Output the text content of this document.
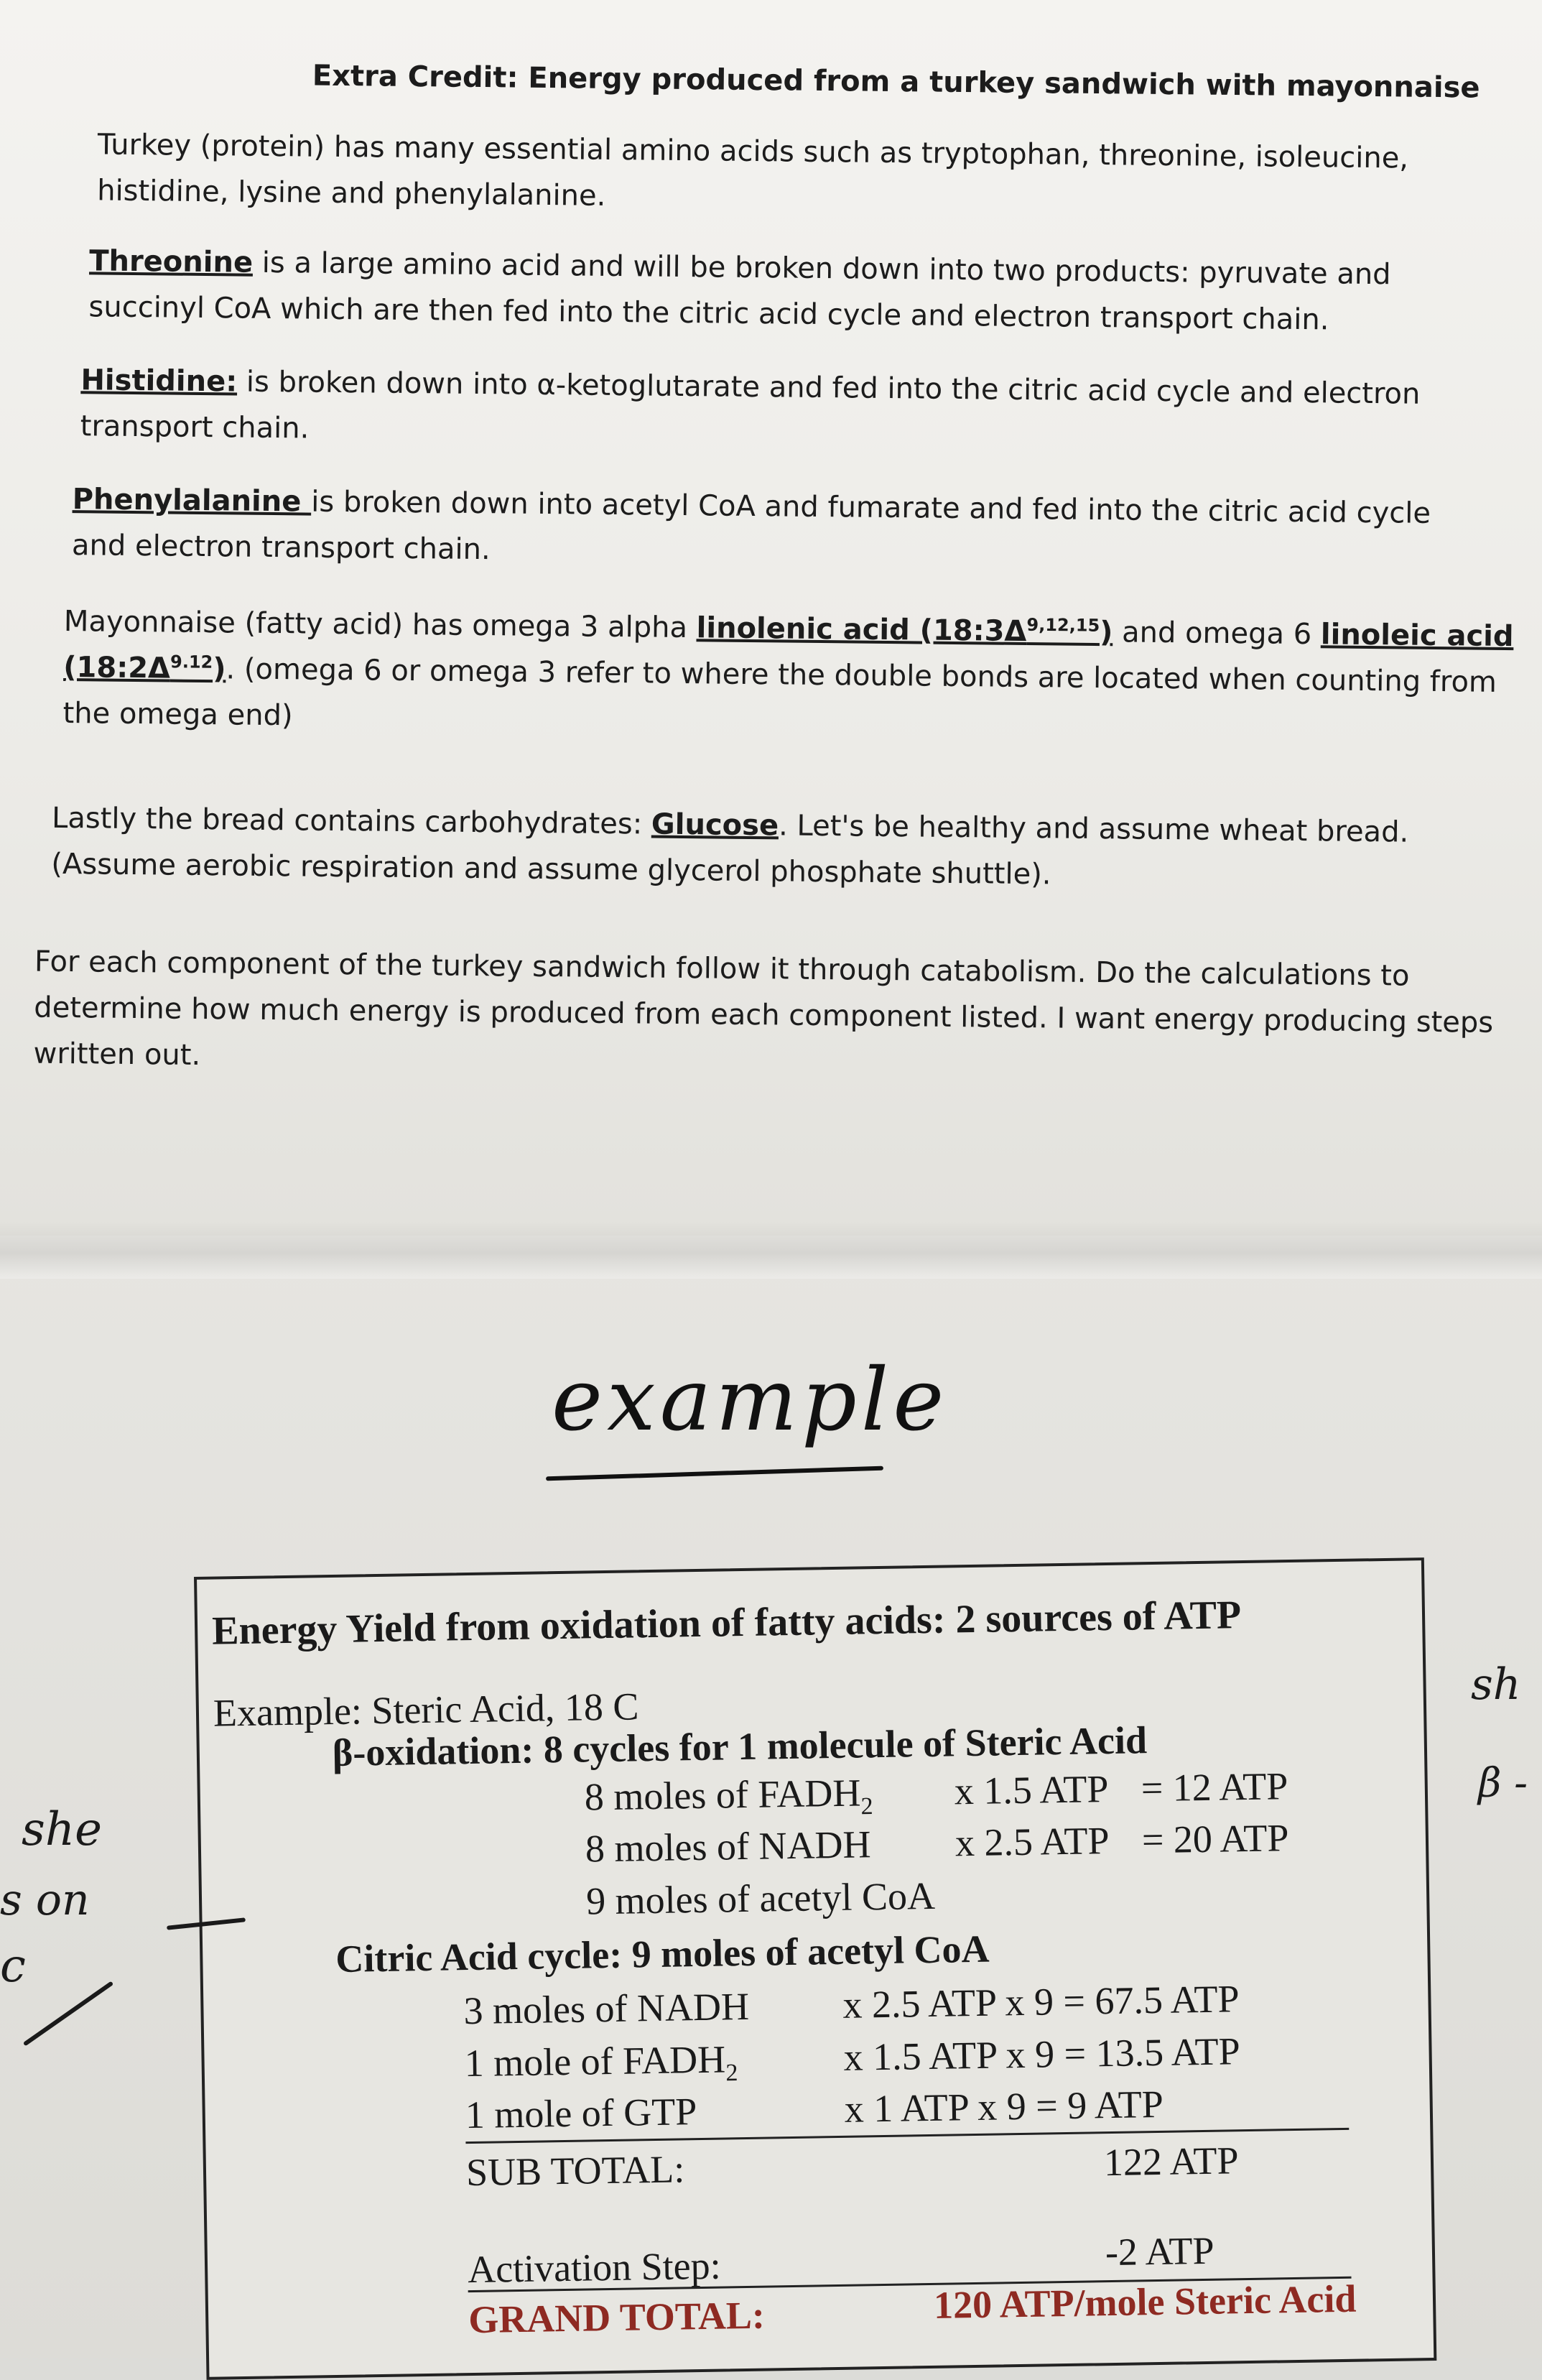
Extra Credit: Energy produced from a turkey sandwich with mayonnaise
Turkey (protein) has many essential amino acids such as tryptophan, threonine, isoleucine, histidine, lysine and phenylalanine.
Threonine is a large amino acid and will be broken down into two products: pyruvate and succinyl CoA which are then fed into the citric acid cycle and electron transport chain.
Histidine: is broken down into α-ketoglutarate and fed into the citric acid cycle and electron transport chain.
Phenylalanine is broken down into acetyl CoA and fumarate and fed into the citric acid cycle and electron transport chain.
Mayonnaise (fatty acid) has omega 3 alpha linolenic acid $(18:3\Delta^{9,12,15})$ and omega 6 linoleic acid $(18:2\Delta^{9.12})$. (omega 6 or omega 3 refer to where the double bonds are located when counting from the omega end)
Lastly the bread contains carbohydrates: Glucose. Let's be healthy and assume wheat bread. (Assume aerobic respiration and assume glycerol phosphate shuttle).
For each component of the turkey sandwich follow it through catabolism. Do the calculations to determine how much energy is produced from each component listed. I want energy producing steps written out.
example
Energy Yield from oxidation of fatty acids: 2 sources of ATP
Example: Steric Acid, 18 C
β-oxidation: 8 cycles for 1 molecule of Steric Acid
8 moles of $FADH_2$ x 1.5 ATP = 12 ATP
8 moles of NADH x 2.5 ATP = 20 ATP
9 moles of acetyl CoA
Citric Acid cycle: 9 moles of acetyl CoA
3 moles of NADH x 2.5 ATP x 9 = 67.5 ATP
1 mole of $FADH_2$	x 1.5 ATP x 9 = 13.5 ATP
1 mole of GTP	x 1 ATP x 9 = 9 ATP
SUB TOTAL:	122 ATP
Activation Step:	-2 ATP
GRAND TOTAL:	120 ATP/mole Steric Acid
she
s on
c
sh
β -
